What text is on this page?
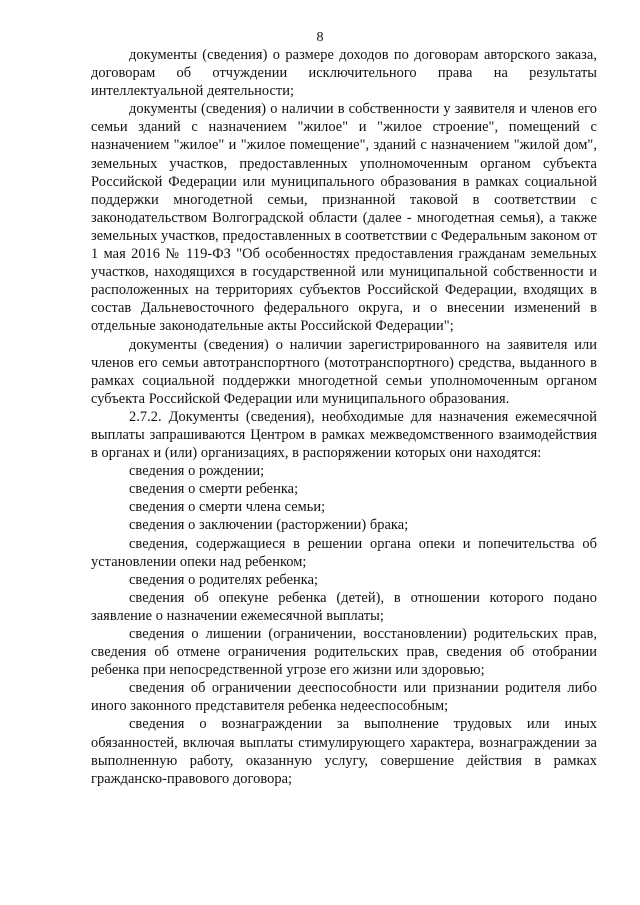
8

документы (сведения) о размере доходов по договорам авторского заказа, договорам об отчуждении исключительного права на результаты интеллектуальной деятельности;

документы (сведения) о наличии в собственности у заявителя и членов его семьи зданий с назначением "жилое" и "жилое строение", помещений с назначением "жилое" и "жилое помещение", зданий с назначением "жилой дом", земельных участков, предоставленных уполномоченным органом субъекта Российской Федерации или муниципального образования в рамках социальной поддержки многодетной семьи, признанной таковой в соответствии с законодательством Волгоградской области (далее - многодетная семья), а также земельных участков, предоставленных в соответствии с Федеральным законом от 1 мая 2016 № 119-ФЗ "Об особенностях предоставления гражданам земельных участков, находящихся в государственной или муниципальной собственности и расположенных на территориях субъектов Российской Федерации, входящих в состав Дальневосточного федерального округа, и о внесении изменений в отдельные законодательные акты Российской Федерации";

документы (сведения) о наличии зарегистрированного на заявителя или членов его семьи автотранспортного (мототранспортного) средства, выданного в рамках социальной поддержки многодетной семьи уполномоченным органом субъекта Российской Федерации или муниципального образования.

2.7.2. Документы (сведения), необходимые для назначения ежемесячной выплаты запрашиваются Центром в рамках межведомственного взаимодействия в органах и (или) организациях, в распоряжении которых они находятся:

сведения о рождении;

сведения о смерти ребенка;

сведения о смерти члена семьи;

сведения о заключении (расторжении) брака;

сведения, содержащиеся в решении органа опеки и попечительства об установлении опеки над ребенком;

сведения о родителях ребенка;

сведения об опекуне ребенка (детей), в отношении которого подано заявление о назначении ежемесячной выплаты;

сведения о лишении (ограничении, восстановлении) родительских прав, сведения об отмене ограничения родительских прав, сведения об отобрании ребенка при непосредственной угрозе его жизни или здоровью;

сведения об ограничении дееспособности или признании родителя либо иного законного представителя ребенка недееспособным;

сведения о вознаграждении за выполнение трудовых или иных обязанностей, включая выплаты стимулирующего характера, вознаграждении за выполненную работу, оказанную услугу, совершение действия в рамках гражданско-правового договора;
